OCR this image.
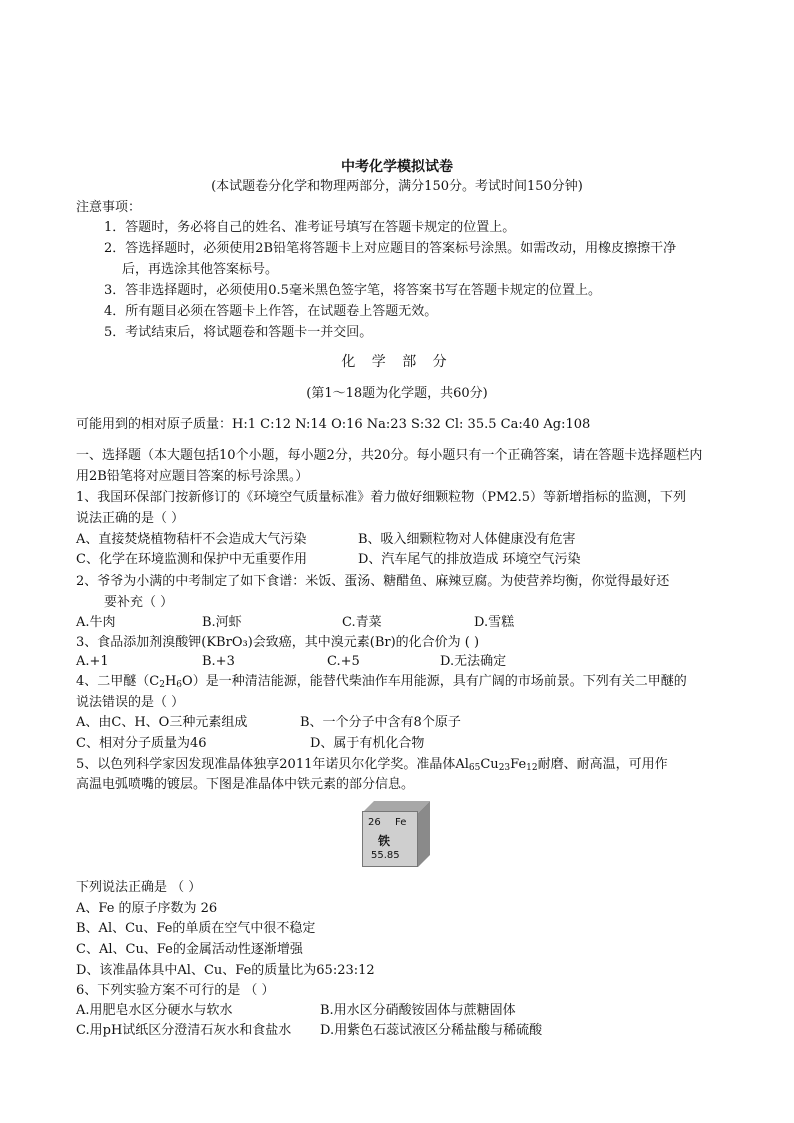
中考化学模拟试卷
(本试题卷分化学和物理两部分，满分150分。考试时间150分钟)
注意事项：
1．答题时，务必将自己的姓名、准考证号填写在答题卡规定的位置上。
2．答选择题时，必须使用2B铅笔将答题卡上对应题目的答案标号涂黑。如需改动，用橡皮擦擦干净
后，再选涂其他答案标号。
3．答非选择题时，必须使用0.5毫米黑色签字笔，将答案书写在答题卡规定的位置上。
4．所有题目必须在答题卡上作答，在试题卷上答题无效。
5．考试结束后，将试题卷和答题卡一并交回。
化 学 部 分
(第1～18题为化学题，共60分)
可能用到的相对原子质量：H:1 C:12 N:14 O:16 Na:23 S:32 Cl: 35.5 Ca:40 Ag:108
一、选择题（本大题包括10个小题，每小题2分，共20分。每小题只有一个正确答案，请在答题卡选择题栏内
用2B铅笔将对应题目答案的标号涂黑。）
1、我国环保部门按新修订的《环境空气质量标准》着力做好细颗粒物（PM2.5）等新增指标的监测，下列
说法正确的是（ ）
A、直接焚烧植物秸杆不会造成大气污染	B、吸入细颗粒物对人体健康没有危害
C、化学在环境监测和保护中无重要作用	D、汽车尾气的排放造成 环境空气污染
2、爷爷为小满的中考制定了如下食谱：米饭、蛋汤、糖醋鱼、麻辣豆腐。为使营养均衡，你觉得最好还
要补充（ ）
A.牛肉	B.河虾	C.青菜	D.雪糕
3、食品添加剂溴酸钾(KBrO₃)会致癌，其中溴元素(Br)的化合价为 ( )
A.+1	B.+3	C.+5	D.无法确定
4、二甲醚$(C_2H_6O)$是一种清洁能源，能替代柴油作车用能源，具有广阔的市场前景。下列有关二甲醚的
说法错误的是（ ）
A、由C、H、O三种元素组成	B、一个分子中含有8个原子
C、相对分子质量为46	D、属于有机化合物
5、以色列科学家因发现准晶体独享2011年诺贝尔化学奖。准晶体$Al_{65}Cu_{23}Fe_{12}$耐磨、耐高温，可用作
高温电弧喷嘴的镀层。下图是准晶体中铁元素的部分信息。
26 Fe
铁
55.85
下列说法正确是 （ ）
A、Fe 的原子序数为 26
B、Al、Cu、Fe的单质在空气中很不稳定
C、Al、Cu、Fe的金属活动性逐渐增强
D、该准晶体具中Al、Cu、Fe的质量比为65:23:12
6、下列实验方案不可行的是 （ ）
A.用肥皂水区分硬水与软水	B.用水区分硝酸铵固体与蔗糖固体
C.用pH试纸区分澄清石灰水和食盐水 D.用紫色石蕊试液区分稀盐酸与稀硫酸
